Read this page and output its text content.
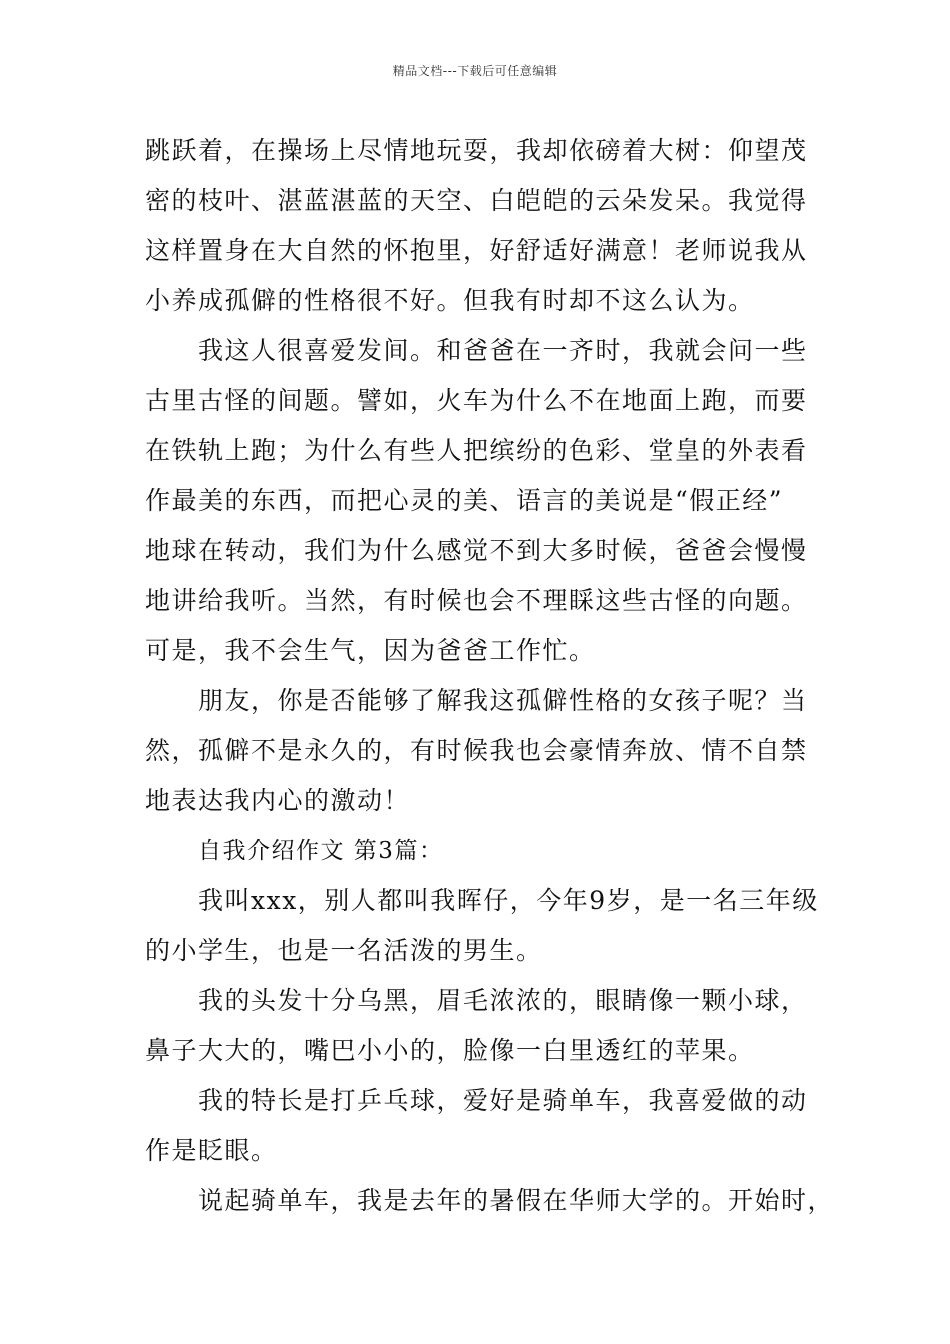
精品文档---下载后可任意编辑
跳跃着，在操场上尽情地玩耍，我却依磅着大树：仰望茂
密的枝叶、湛蓝湛蓝的天空、白皑皑的云朵发呆。我觉得
这样置身在大自然的怀抱里，好舒适好满意！老师说我从
小养成孤僻的性格很不好。但我有时却不这么认为。
我这人很喜爱发间。和爸爸在一齐时，我就会问一些
古里古怪的间题。譬如，火车为什么不在地面上跑，而要
在铁轨上跑；为什么有些人把缤纷的色彩、堂皇的外表看
作最美的东西，而把心灵的美、语言的美说是“假正经”
地球在转动，我们为什么感觉不到大多时候，爸爸会慢慢
地讲给我听。当然，有时候也会不理睬这些古怪的向题。
可是，我不会生气，因为爸爸工作忙。
朋友，你是否能够了解我这孤僻性格的女孩子呢？当
然，孤僻不是永久的，有时候我也会豪情奔放、情不自禁
地表达我内心的激动！
自我介绍作文 第3篇：
我叫xxx，别人都叫我晖仔，今年9岁，是一名三年级
的小学生，也是一名活泼的男生。
我的头发十分乌黑，眉毛浓浓的，眼睛像一颗小球，
鼻子大大的，嘴巴小小的，脸像一白里透红的苹果。
我的特长是打乒乓球，爱好是骑单车，我喜爱做的动
作是眨眼。
说起骑单车，我是去年的暑假在华师大学的。开始时，
